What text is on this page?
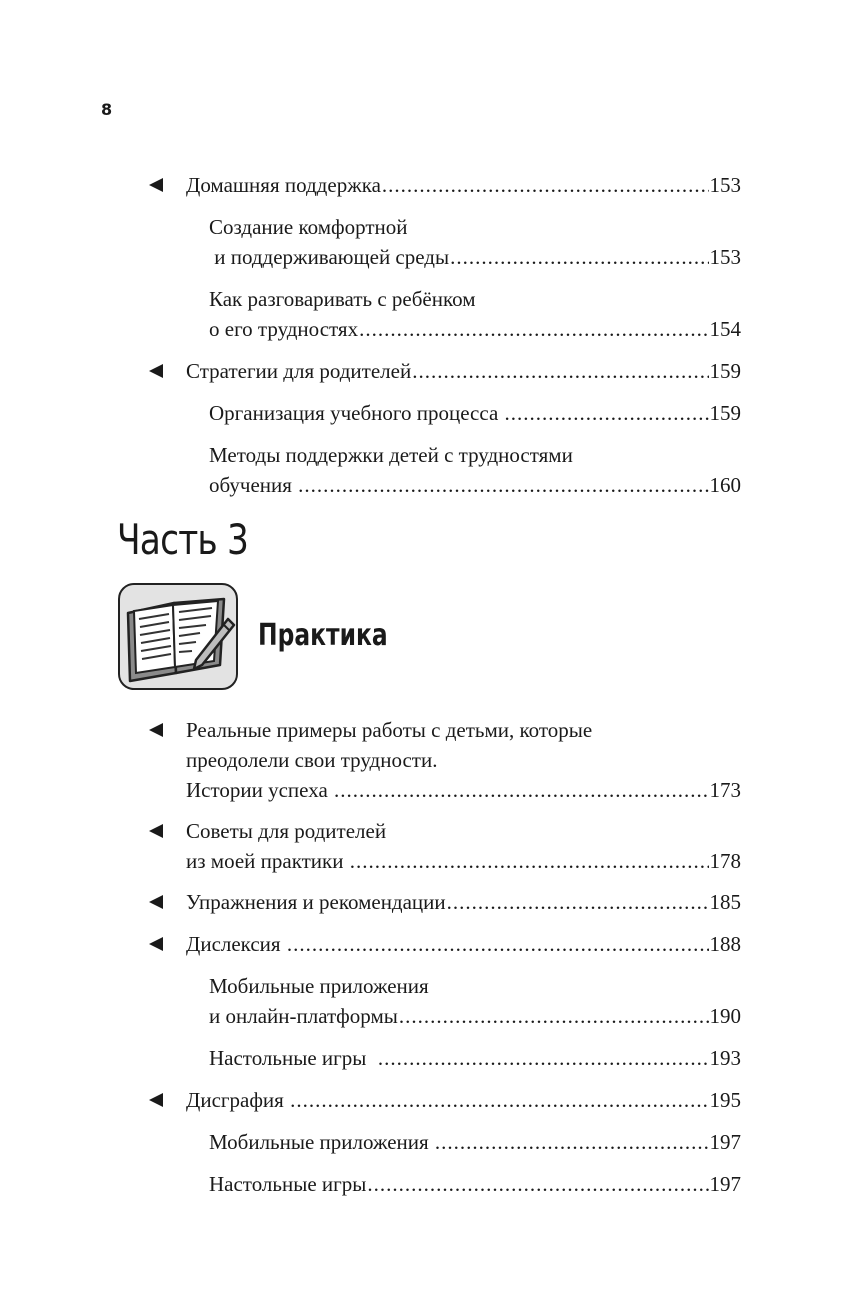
8
Домашняя поддержка .....	153
Создание комфортной
и поддерживающей среды .....	153
Как разговаривать с ребёнком
о его трудностях .....	154
Стратегии для родителей .....	159
Организация учебного процесса .....	159
Методы поддержки детей с трудностями
обучения .....	160
Часть 3
Практика
Реальные примеры работы с детьми, которые
преодолели свои трудности.
Истории успеха .....	173
Советы для родителей
из моей практики .....	178
Упражнения и рекомендации .....	185
Дислексия .....	188
Мобильные приложения
и онлайн-платформы .....	190
Настольные игры .....	193
Дисграфия .....	195
Мобильные приложения .....	197
Настольные игры .....	197
